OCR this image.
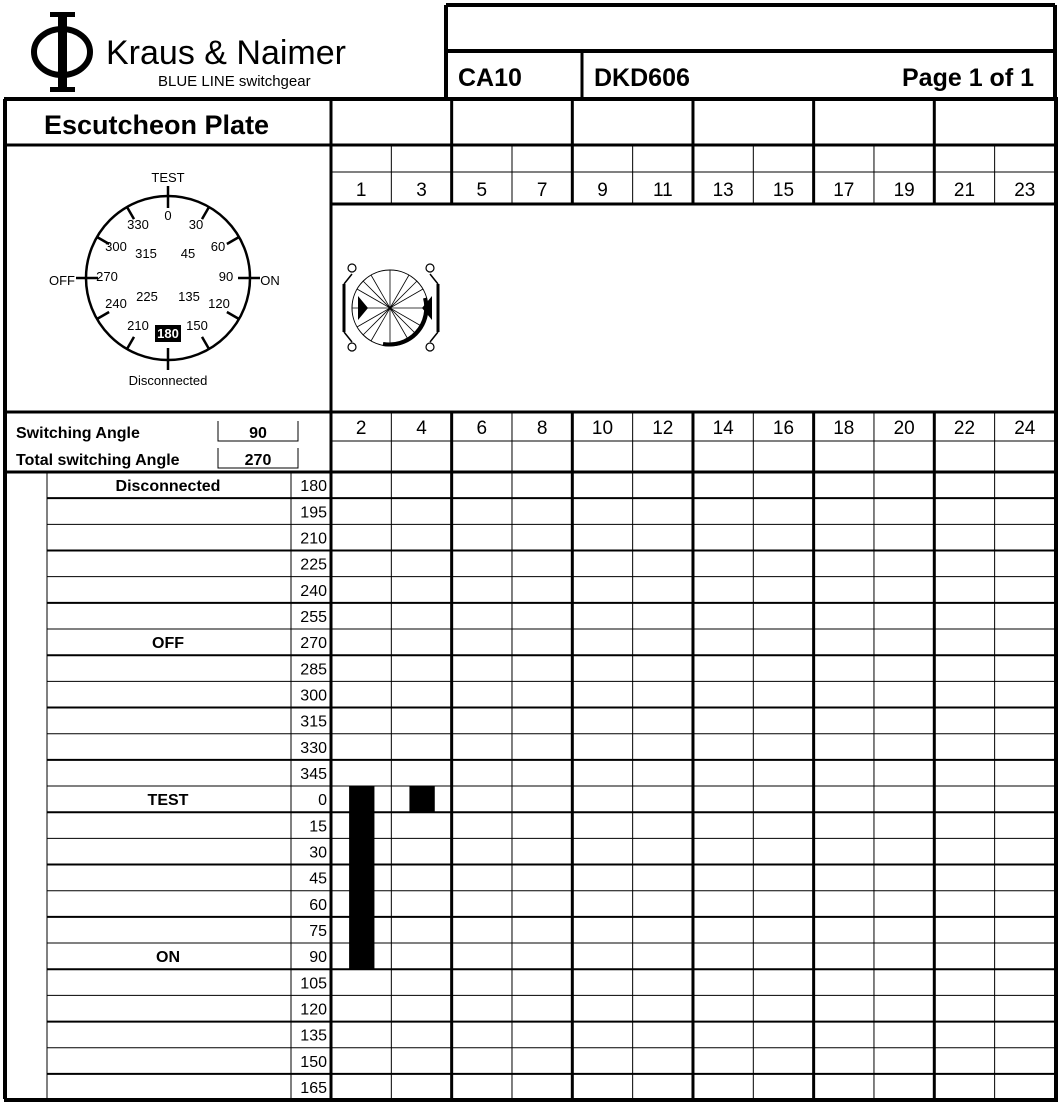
Kraus & Naimer
BLUE LINE switchgear	CA10	DKD606	Page 1 of 1
Escutcheon Plate
TEST
OFF	ON
Disconnected
0
30
60
90
120
150
180
210
240
270
300
330
315 45
135
225
Switching Angle	90
Total switching Angle	270
1	3	5	7	9 11 13 15 17 19 21 23
2	4	6	8 10 12 14 16 18 20 22 24
Disconnected	180
195
210
225
240
255
OFF	270
285
300
315
330
345
TEST	0
15
30
45
60
75
ON	90
105
120
135
150
165
